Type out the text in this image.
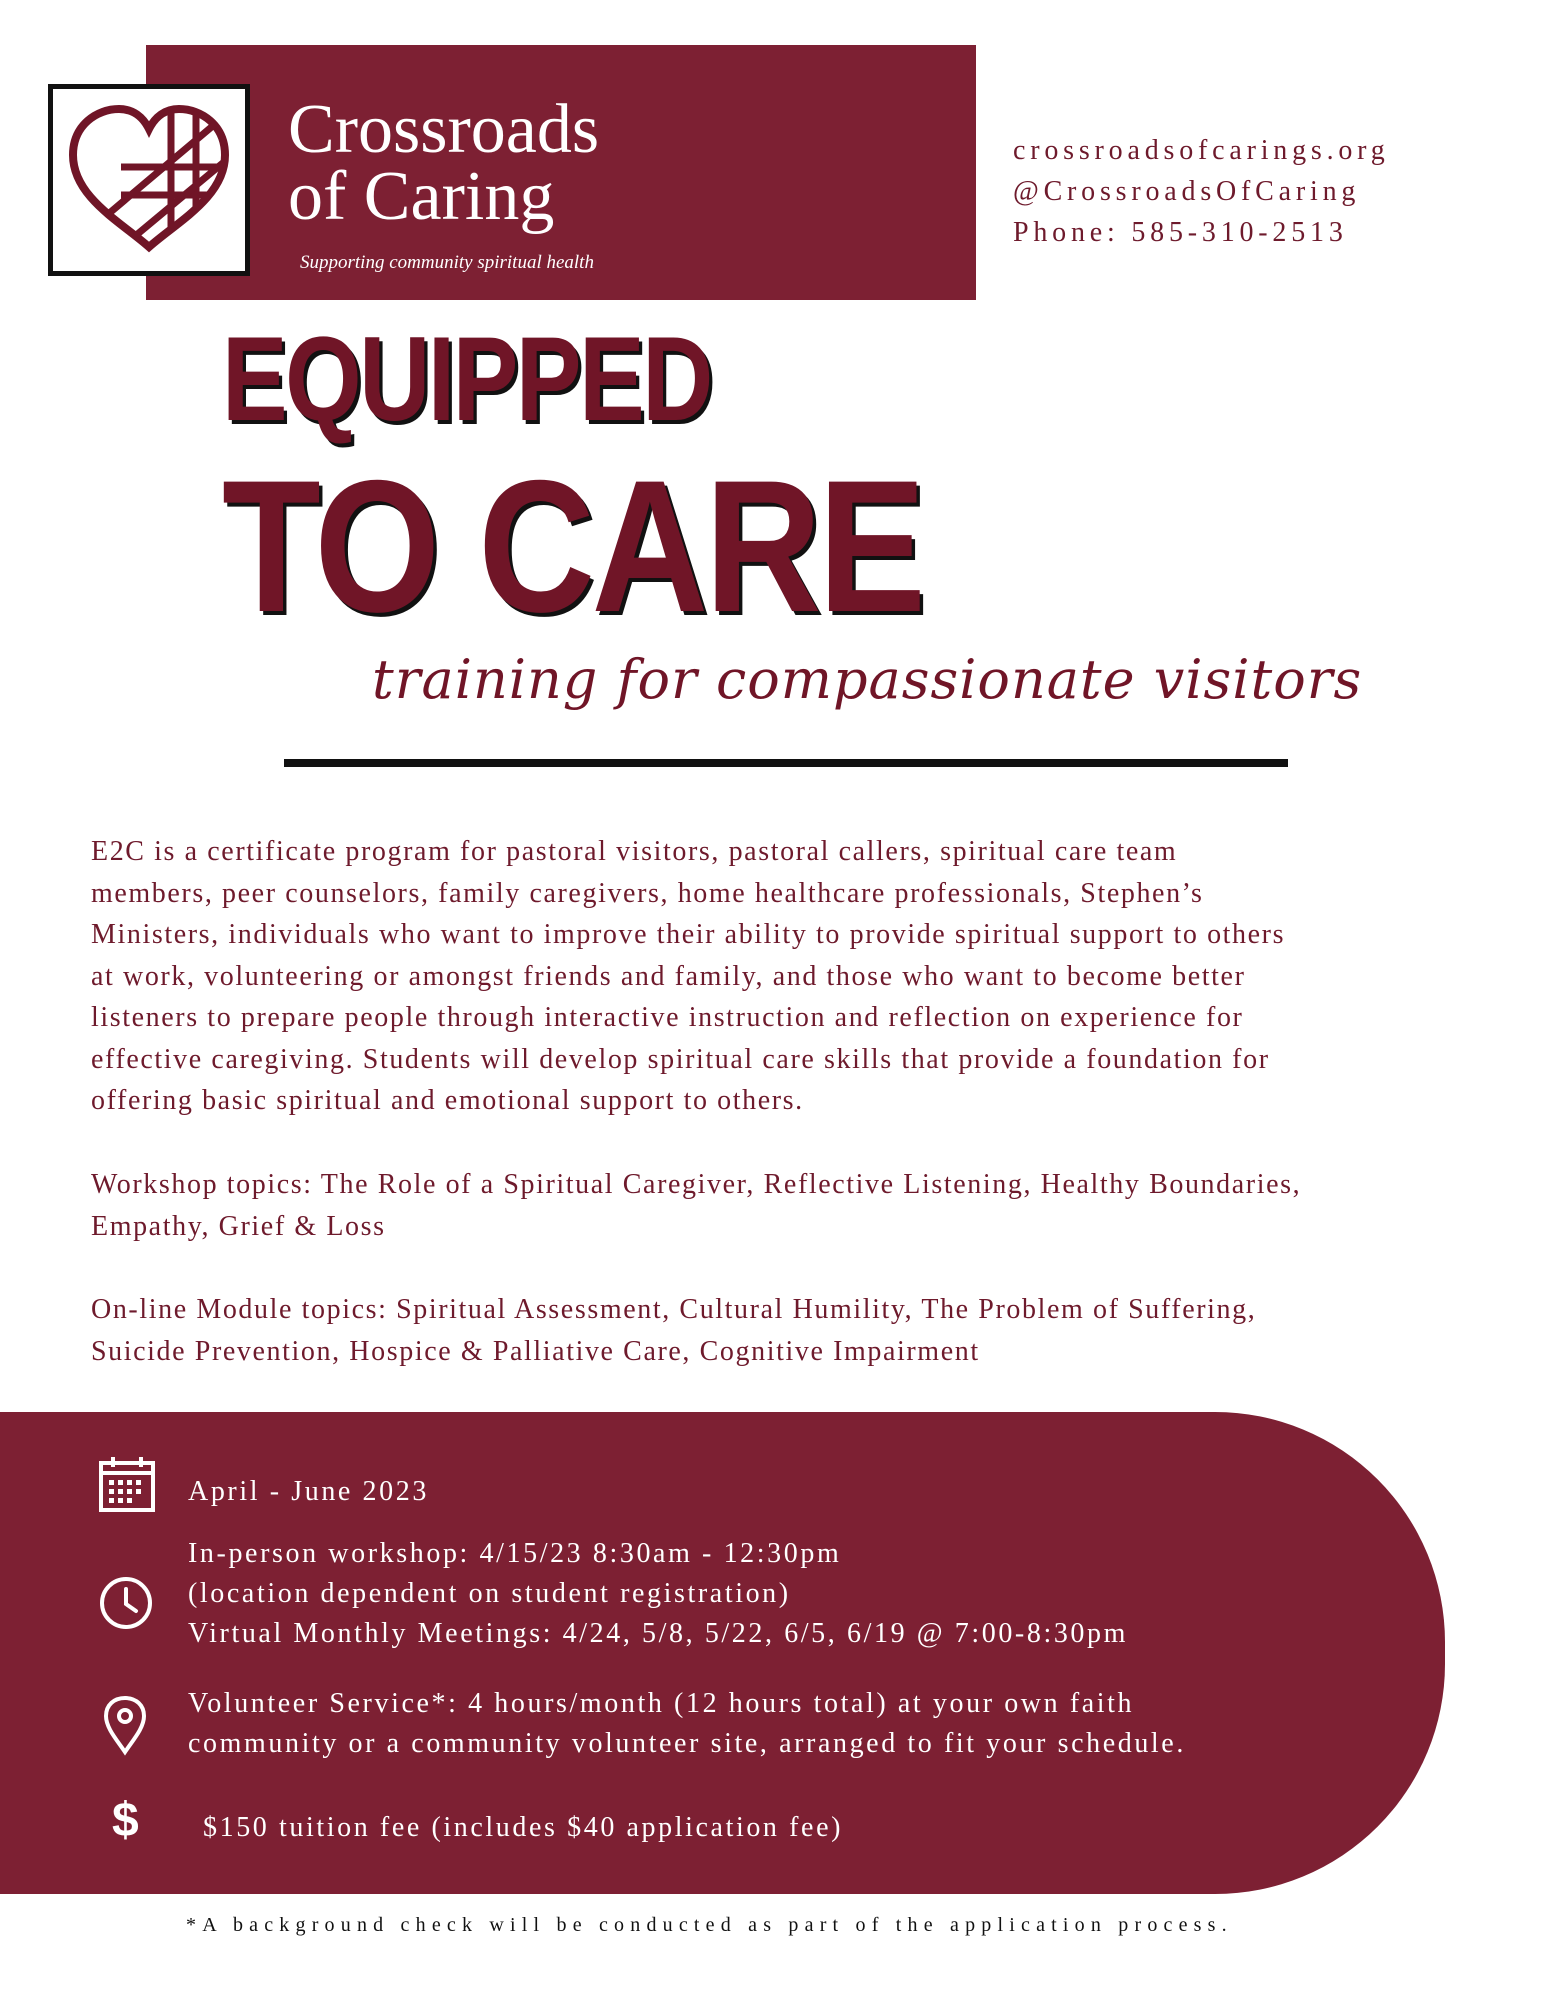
Crossroads
of Caring
Supporting community spiritual health
crossroadsofcarings.org
@CrossroadsOfCaring
Phone: 585-310-2513
EQUIPPED
TO CARE
training for compassionate visitors
E2C is a certificate program for pastoral visitors, pastoral callers, spiritual care team
members, peer counselors, family caregivers, home healthcare professionals, Stephen’s
Ministers, individuals who want to improve their ability to provide spiritual support to others
at work, volunteering or amongst friends and family, and those who want to become better
listeners to prepare people through interactive instruction and reflection on experience for
effective caregiving. Students will develop spiritual care skills that provide a foundation for
offering basic spiritual and emotional support to others.
Workshop topics: The Role of a Spiritual Caregiver, Reflective Listening, Healthy Boundaries,
Empathy, Grief & Loss
On-line Module topics: Spiritual Assessment, Cultural Humility, The Problem of Suffering,
Suicide Prevention, Hospice & Palliative Care, Cognitive Impairment
April - June 2023
In-person workshop: 4/15/23 8:30am - 12:30pm
(location dependent on student registration)
Virtual Monthly Meetings: 4/24, 5/8, 5/22, 6/5, 6/19 @ 7:00-8:30pm
Volunteer Service*: 4 hours/month (12 hours total) at your own faith
community or a community volunteer site, arranged to fit your schedule.
$ $150 tuition fee (includes $40 application fee)
*A background check will be conducted as part of the application process.
